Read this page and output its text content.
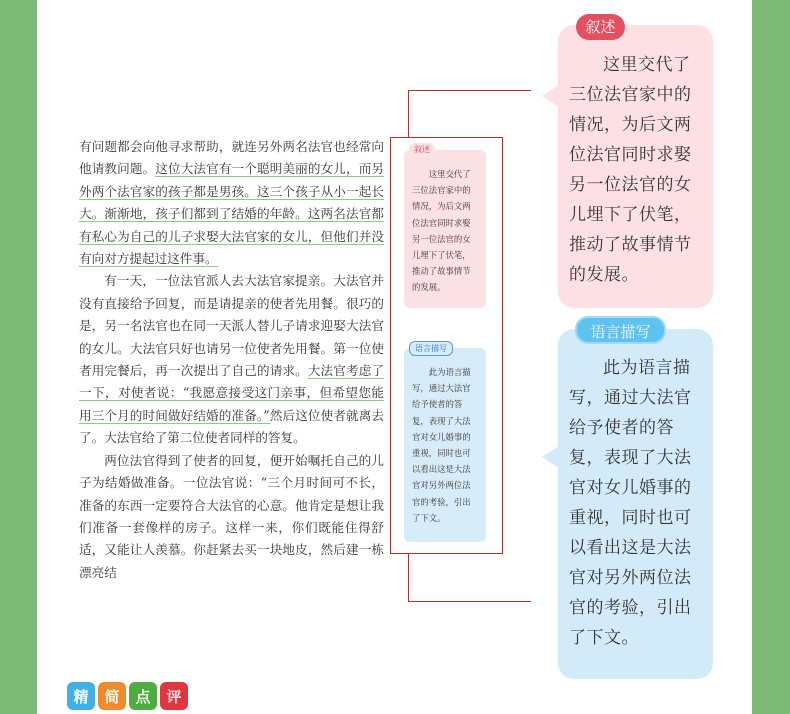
有问题都会向他寻求帮助，就连另外两名法官也经常向他请教问题。这位大法官有一个聪明美丽的女儿，而另外两个法官家的孩子都是男孩。这三个孩子从小一起长大。渐渐地，孩子们都到了结婚的年龄。这两名法官都有私心为自己的儿子求娶大法官家的女儿，但他们并没有向对方提起过这件事。

有一天，一位法官派人去大法官家提亲。大法官并没有直接给予回复，而是请提亲的使者先用餐。很巧的是，另一名法官也在同一天派人替儿子请求迎娶大法官的女儿。大法官只好也请另一位使者先用餐。第一位使者用完餐后，再一次提出了自己的请求。大法官考虑了一下，对使者说：“我愿意接受这门亲事，但希望您能用三个月的时间做好结婚的准备。”然后这位使者就离去了。大法官给了第二位使者同样的答复。

两位法官得到了使者的回复，便开始嘱托自己的儿子为结婚做准备。一位法官说：“三个月时间可不长，准备的东西一定要符合大法官的心意。他肯定是想让我们准备一套像样的房子。这样一来，你们既能住得舒适，又能让人羡慕。你赶紧去买一块地皮，然后建一栋漂亮结

叙述

这里交代了三位法官家中的情况，为后文两位法官同时求娶另一位法官的女儿埋下了伏笔，推动了故事情节的发展。

语言描写

此为语言描写，通过大法官给予使者的答复，表现了大法官对女儿婚事的重视，同时也可以看出这是大法官对另外两位法官的考验，引出了下文。

这里交代了三位法官家中的情况，为后文两位法官同时求娶另一位法官的女儿埋下了伏笔，推动了故事情节的发展。

叙述

此为语言描写，通过大法官给予使者的答复，表现了大法官对女儿婚事的重视，同时也可以看出这是大法官对另外两位法官的考验，引出了下文。

语言描写
精	简	点	评
